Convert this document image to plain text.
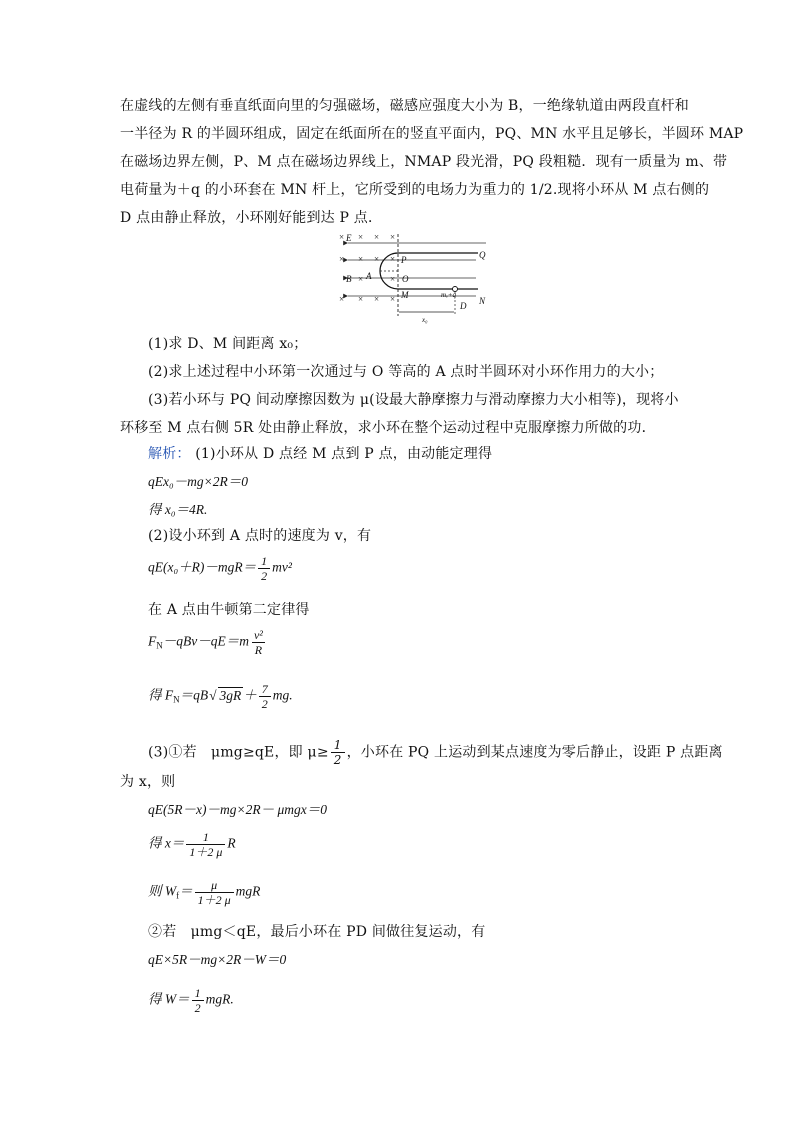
在虚线的左侧有垂直纸面向里的匀强磁场，磁感应强度大小为 B，一绝缘轨道由两段直杆和
一半径为 R 的半圆环组成，固定在纸面所在的竖直平面内，PQ、MN 水平且足够长，半圆环 MAP
在磁场边界左侧，P、M 点在磁场边界线上，NMAP 段光滑，PQ 段粗糙．现有一质量为 m、带
电荷量为＋q 的小环套在 MN 杆上，它所受到的电场力为重力的 1/2.现将小环从 M 点右侧的
D 点由静止释放，小环刚好能到达 P 点．
× × × ×
× × × ×
×	×
× × × ×
E
B A	O
P
M
Q
N
D
m,+q
x₀
(1)求 D、M 间距离 x₀；
(2)求上述过程中小环第一次通过与 O 等高的 A 点时半圆环对小环作用力的大小；
(3)若小环与 PQ 间动摩擦因数为 μ(设最大静摩擦力与滑动摩擦力大小相等)，现将小
环移至 M 点右侧 5R 处由静止释放，求小环在整个运动过程中克服摩擦力所做的功．
解析： (1)小环从 D 点经 M 点到 P 点，由动能定理得
qEx₀－mg×2R＝0
得 x₀＝4R.
(2)设小环到 A 点时的速度为 v，有
$qE(x_0+R)-mgR= \frac{1}{2} mv^2$
在 A 点由牛顿第二定律得
$F_N-qBv-qE=m \frac{\text{v²}}{R}$
得 $F_N=qB√$ $3gR + \frac{7}{2}$ mg.
(3)①若　μmg≥qE，即 $\mu\ge \frac{1}{2}$ ，小环在 PQ 上运动到某点速度为零后静止，设距 P 点距离
为 x，则
qE(5R－x)－mg×2R－ μmgx＝0
得 $x= \frac{1}{1+2 \mu}$ R
则 $W_f= \frac{\mu}{1+2 \mu}$ mgR
②若　μmg＜qE，最后小环在 PD 间做往复运动，有
qE×5R－mg×2R－W＝0
得 $W= \frac{1}{2}$ mgR.
